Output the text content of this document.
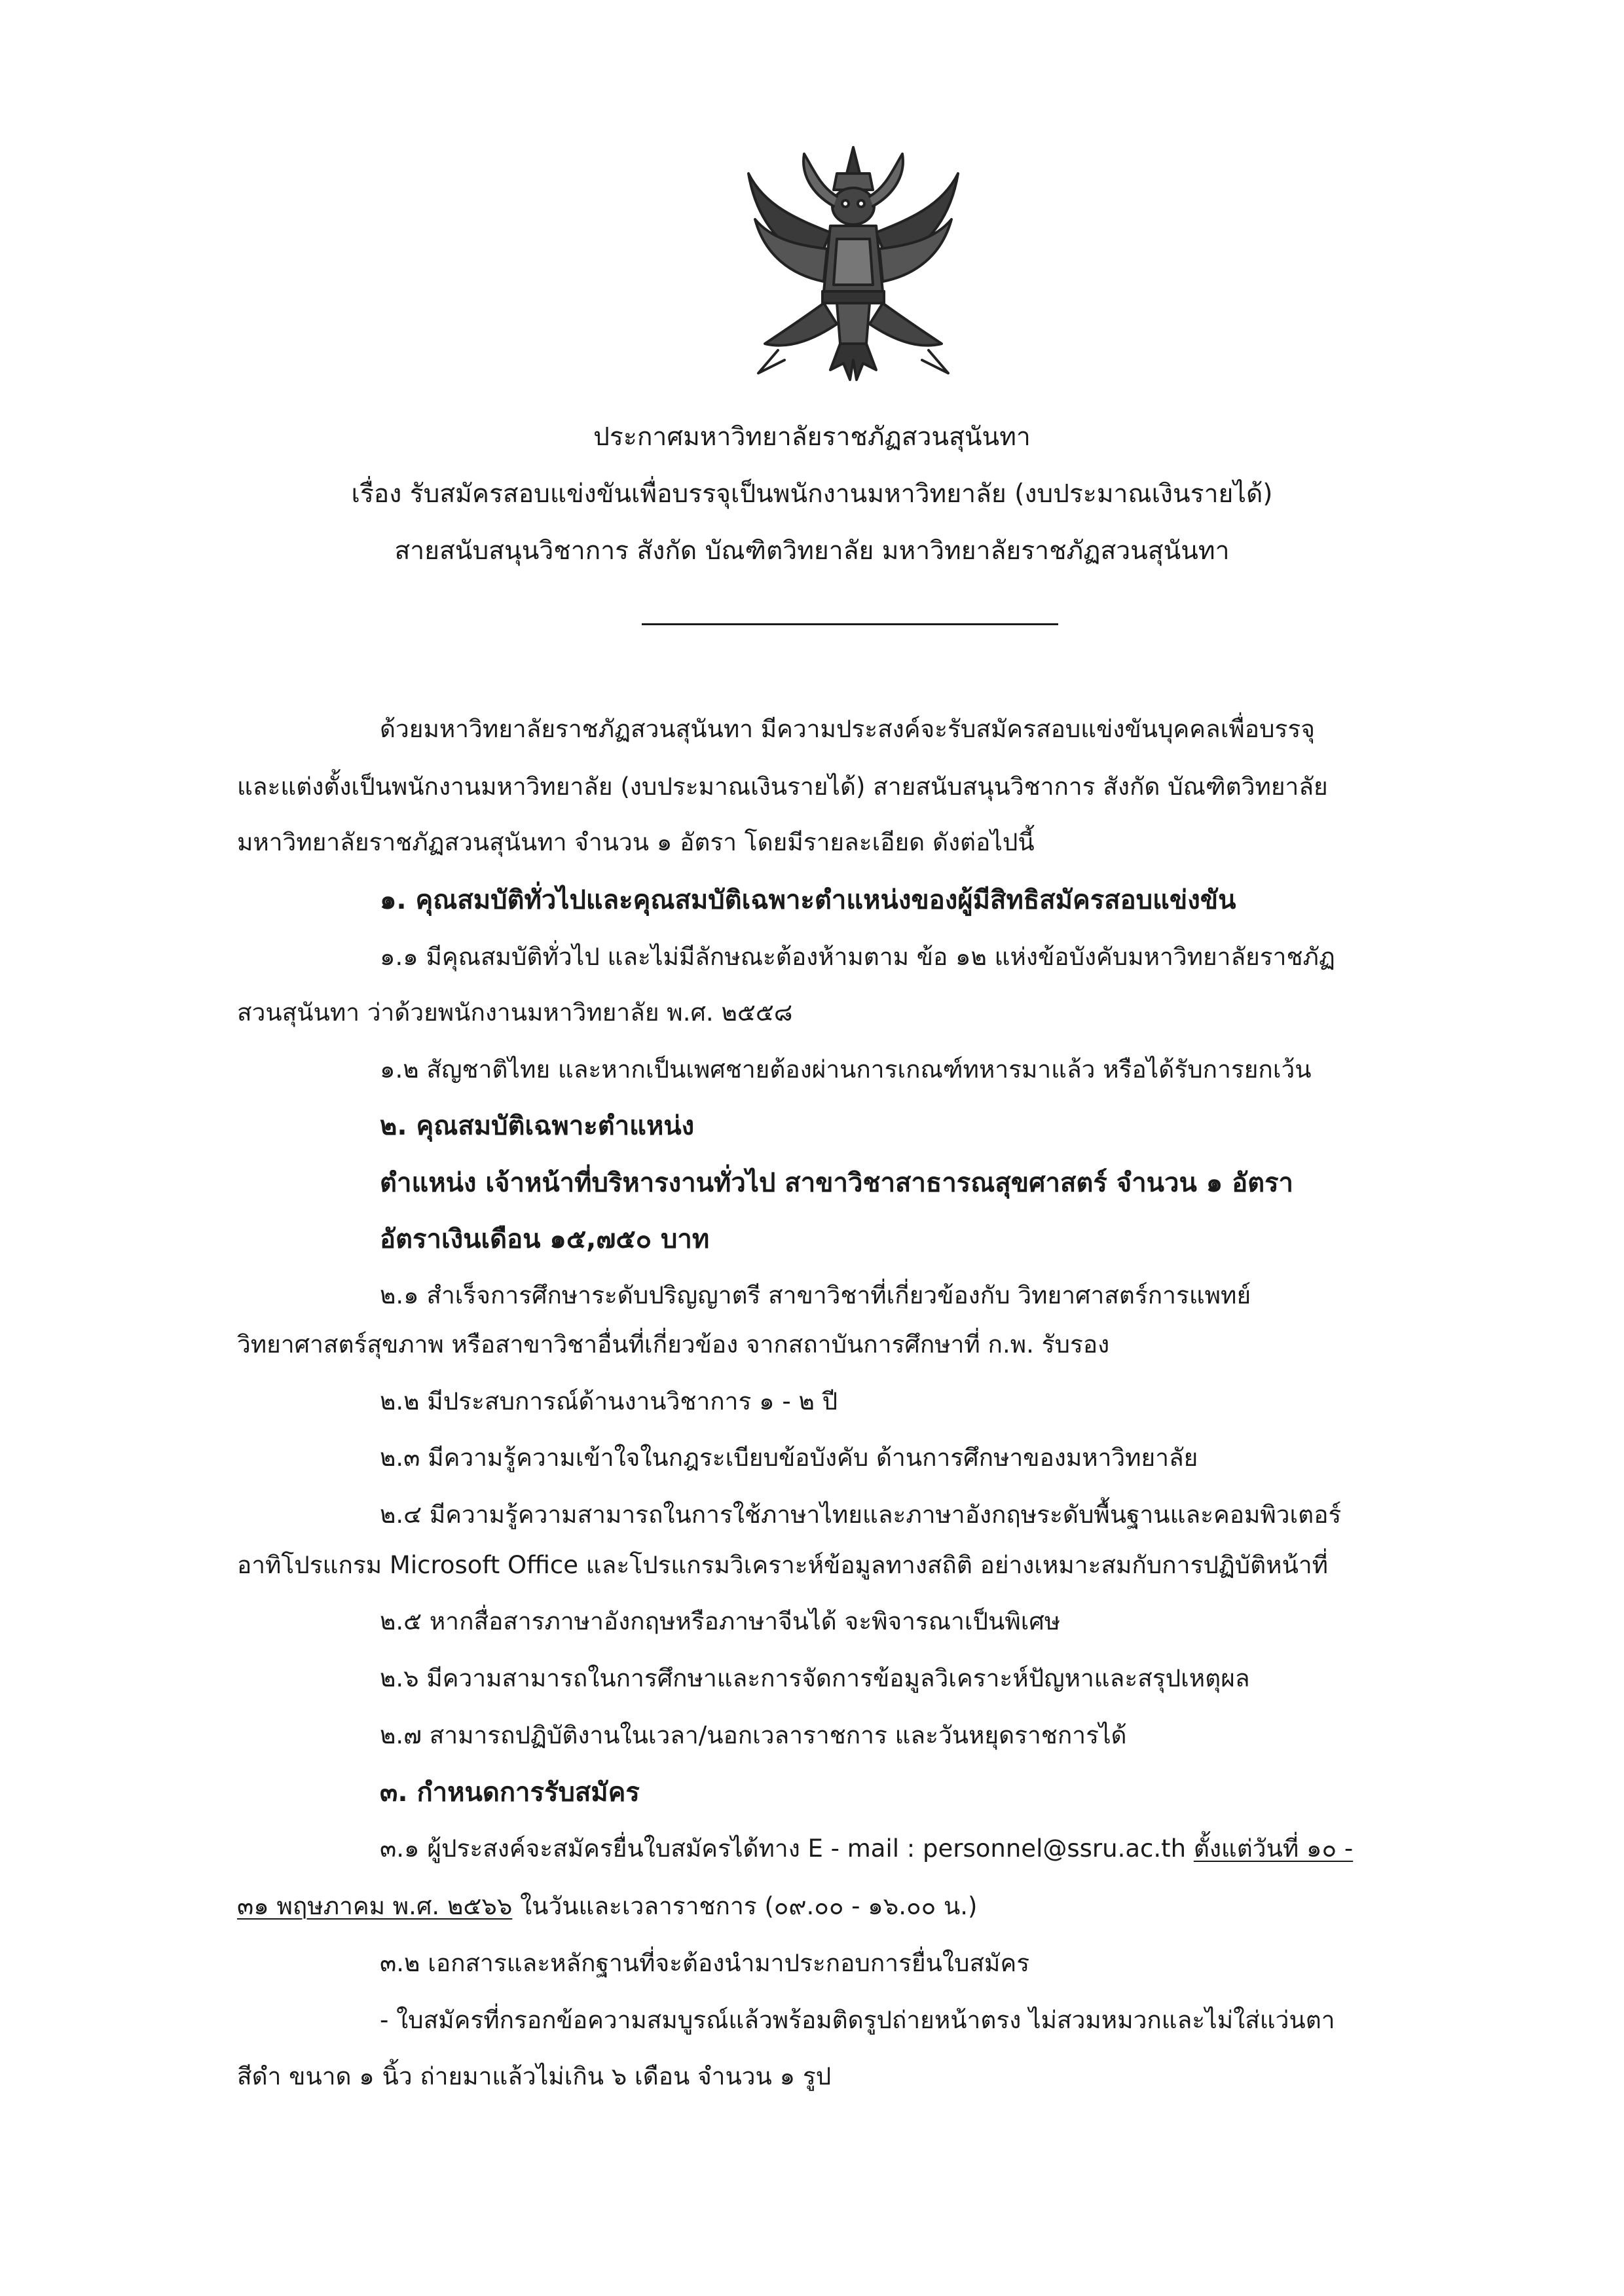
ประกาศมหาวิทยาลัยราชภัฏสวนสุนันทา
เรื่อง รับสมัครสอบแข่งขันเพื่อบรรจุเป็นพนักงานมหาวิทยาลัย (งบประมาณเงินรายได้)
สายสนับสนุนวิชาการ สังกัด บัณฑิตวิทยาลัย มหาวิทยาลัยราชภัฏสวนสุนันทา
ด้วยมหาวิทยาลัยราชภัฏสวนสุนันทา มีความประสงค์จะรับสมัครสอบแข่งขันบุคคลเพื่อบรรจุ
และแต่งตั้งเป็นพนักงานมหาวิทยาลัย (งบประมาณเงินรายได้) สายสนับสนุนวิชาการ สังกัด บัณฑิตวิทยาลัย
มหาวิทยาลัยราชภัฏสวนสุนันทา จำนวน ๑ อัตรา โดยมีรายละเอียด ดังต่อไปนี้
๑. คุณสมบัติทั่วไปและคุณสมบัติเฉพาะตำแหน่งของผู้มีสิทธิสมัครสอบแข่งขัน
๑.๑ มีคุณสมบัติทั่วไป และไม่มีลักษณะต้องห้ามตาม ข้อ ๑๒ แห่งข้อบังคับมหาวิทยาลัยราชภัฏ
สวนสุนันทา ว่าด้วยพนักงานมหาวิทยาลัย พ.ศ. ๒๕๕๘
๑.๒ สัญชาติไทย และหากเป็นเพศชายต้องผ่านการเกณฑ์ทหารมาแล้ว หรือได้รับการยกเว้น
๒. คุณสมบัติเฉพาะตำแหน่ง
ตำแหน่ง เจ้าหน้าที่บริหารงานทั่วไป สาขาวิชาสาธารณสุขศาสตร์ จำนวน ๑ อัตรา
อัตราเงินเดือน ๑๕,๗๕๐ บาท
๒.๑ สำเร็จการศึกษาระดับปริญญาตรี สาขาวิชาที่เกี่ยวข้องกับ วิทยาศาสตร์การแพทย์
วิทยาศาสตร์สุขภาพ หรือสาขาวิชาอื่นที่เกี่ยวข้อง จากสถาบันการศึกษาที่ ก.พ. รับรอง
๒.๒ มีประสบการณ์ด้านงานวิชาการ ๑ - ๒ ปี
๒.๓ มีความรู้ความเข้าใจในกฎระเบียบข้อบังคับ ด้านการศึกษาของมหาวิทยาลัย
๒.๔ มีความรู้ความสามารถในการใช้ภาษาไทยและภาษาอังกฤษระดับพื้นฐานและคอมพิวเตอร์
อาทิโปรแกรม Microsoft Office และโปรแกรมวิเคราะห์ข้อมูลทางสถิติ อย่างเหมาะสมกับการปฏิบัติหน้าที่
๒.๕ หากสื่อสารภาษาอังกฤษหรือภาษาจีนได้ จะพิจารณาเป็นพิเศษ
๒.๖ มีความสามารถในการศึกษาและการจัดการข้อมูลวิเคราะห์ปัญหาและสรุปเหตุผล
๒.๗ สามารถปฏิบัติงานในเวลา/นอกเวลาราชการ และวันหยุดราชการได้
๓. กำหนดการรับสมัคร
๓.๑ ผู้ประสงค์จะสมัครยื่นใบสมัครได้ทาง E - mail : personnel@ssru.ac.th ตั้งแต่วันที่ ๑๐ -
๓๑ พฤษภาคม พ.ศ. ๒๕๖๖ ในวันและเวลาราชการ (๐๙.๐๐ - ๑๖.๐๐ น.)
๓.๒ เอกสารและหลักฐานที่จะต้องนำมาประกอบการยื่นใบสมัคร
- ใบสมัครที่กรอกข้อความสมบูรณ์แล้วพร้อมติดรูปถ่ายหน้าตรง ไม่สวมหมวกและไม่ใส่แว่นตา
สีดำ ขนาด ๑ นิ้ว ถ่ายมาแล้วไม่เกิน ๖ เดือน จำนวน ๑ รูป
